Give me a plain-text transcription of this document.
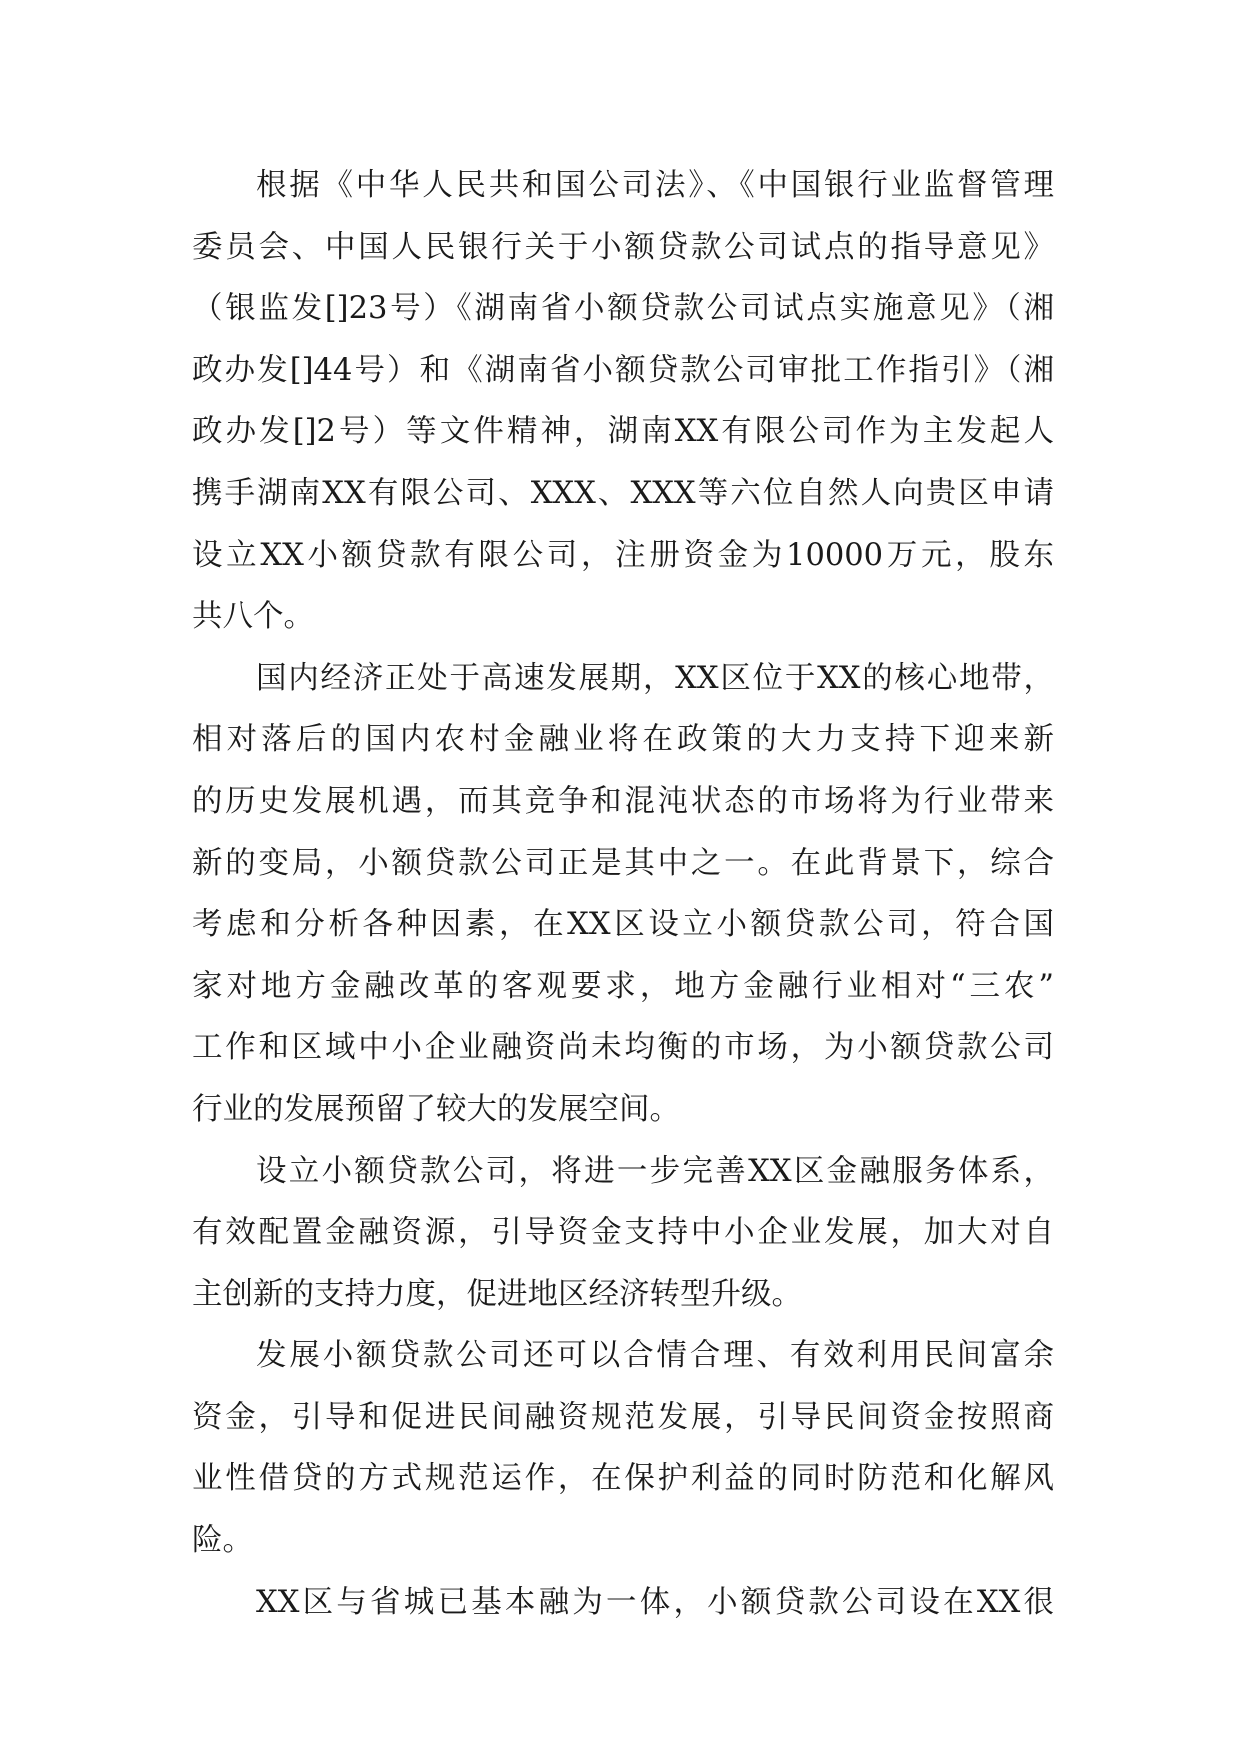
根据《中华人民共和国公司法》、《中国银行业监督管理
委员会、中国人民银行关于小额贷款公司试点的指导意见》
（银监发[]23号）《湖南省小额贷款公司试点实施意见》（湘
政办发[]44号）和《湖南省小额贷款公司审批工作指引》（湘
政办发[]2号）等文件精神，湖南XX有限公司作为主发起人
携手湖南XX有限公司、XXX、XXX等六位自然人向贵区申请
设立XX小额贷款有限公司，注册资金为10000万元，股东
共八个。
国内经济正处于高速发展期，XX区位于XX的核心地带，
相对落后的国内农村金融业将在政策的大力支持下迎来新
的历史发展机遇，而其竞争和混沌状态的市场将为行业带来
新的变局，小额贷款公司正是其中之一。在此背景下，综合
考虑和分析各种因素，在XX区设立小额贷款公司，符合国
家对地方金融改革的客观要求，地方金融行业相对“三农”
工作和区域中小企业融资尚未均衡的市场，为小额贷款公司
行业的发展预留了较大的发展空间。
设立小额贷款公司，将进一步完善XX区金融服务体系，
有效配置金融资源，引导资金支持中小企业发展，加大对自
主创新的支持力度，促进地区经济转型升级。
发展小额贷款公司还可以合情合理、有效利用民间富余
资金，引导和促进民间融资规范发展，引导民间资金按照商
业性借贷的方式规范运作，在保护利益的同时防范和化解风
险。
XX区与省城已基本融为一体，小额贷款公司设在XX很
